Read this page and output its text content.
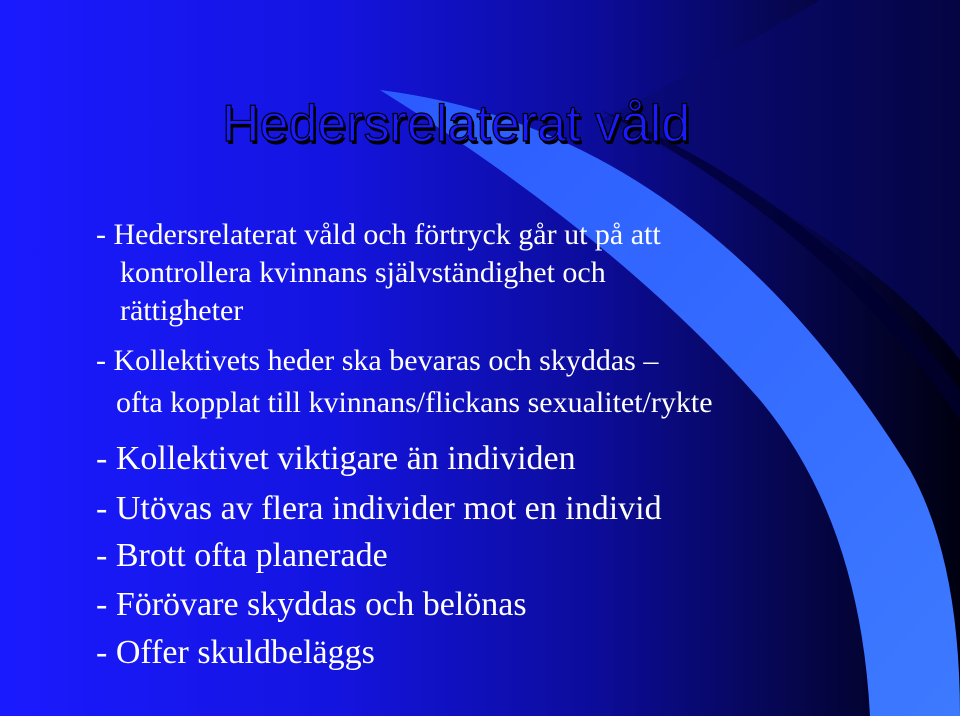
Hedersrelaterat våld

- Hedersrelaterat våld och förtryck går ut på att
kontrollera kvinnans självständighet och
rättigheter

- Kollektivets heder ska bevaras och skyddas –
ofta kopplat till kvinnans/flickans sexualitet/rykte

- Kollektivet viktigare än individen

- Utövas av flera individer mot en individ

- Brott ofta planerade

- Förövare skyddas och belönas

- Offer skuldbeläggs
